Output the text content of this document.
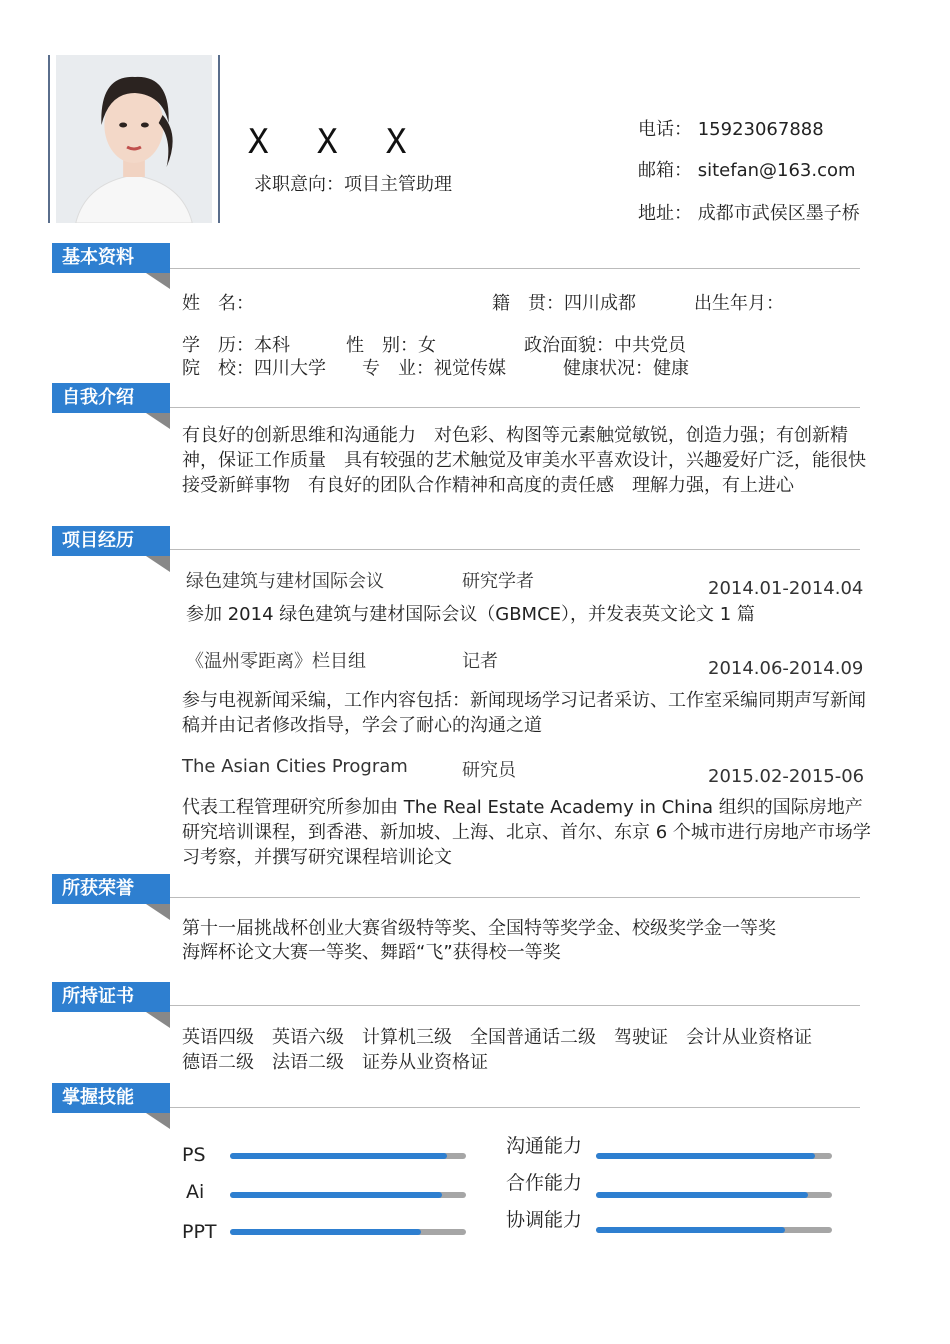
X X X
求职意向：项目主管助理
电话： 15923067888
邮箱： sitefan@163.com
地址： 成都市武侯区墨子桥
基本资料
姓　名：	籍　贯：四川成都	出生年月：
学　历：本科	性　别：女	政治面貌：中共党员
院　校：四川大学 专　业：视觉传媒	健康状况：健康
自我介绍
有良好的创新思维和沟通能力　对色彩、构图等元素触觉敏锐，创造力强；有创新精神，保证工作质量　具有较强的艺术触觉及审美水平喜欢设计，兴趣爱好广泛，能很快接受新鲜事物　有良好的团队合作精神和高度的责任感　理解力强，有上进心
项目经历
绿色建筑与建材国际会议	研究学者	2014.01-2014.04
参加 2014 绿色建筑与建材国际会议（GBMCE），并发表英文论文 1 篇
《温州零距离》栏目组	记者	2014.06-2014.09
参与电视新闻采编，工作内容包括：新闻现场学习记者采访、工作室采编同期声写新闻稿并由记者修改指导，学会了耐心的沟通之道
The Asian Cities Program	研究员	2015.02-2015-06
代表工程管理研究所参加由 The Real Estate Academy in China 组织的国际房地产研究培训课程，到香港、新加坡、上海、北京、首尔、东京 6 个城市进行房地产市场学习考察，并撰写研究课程培训论文
所获荣誉
第十一届挑战杯创业大赛省级特等奖、全国特等奖学金、校级奖学金一等奖
海辉杯论文大赛一等奖、舞蹈“飞”获得校一等奖
所持证书
英语四级　英语六级　计算机三级　全国普通话二级　驾驶证　会计从业资格证
德语二级　法语二级　证券从业资格证
掌握技能
PS
Ai
PPT
沟通能力
合作能力
协调能力
